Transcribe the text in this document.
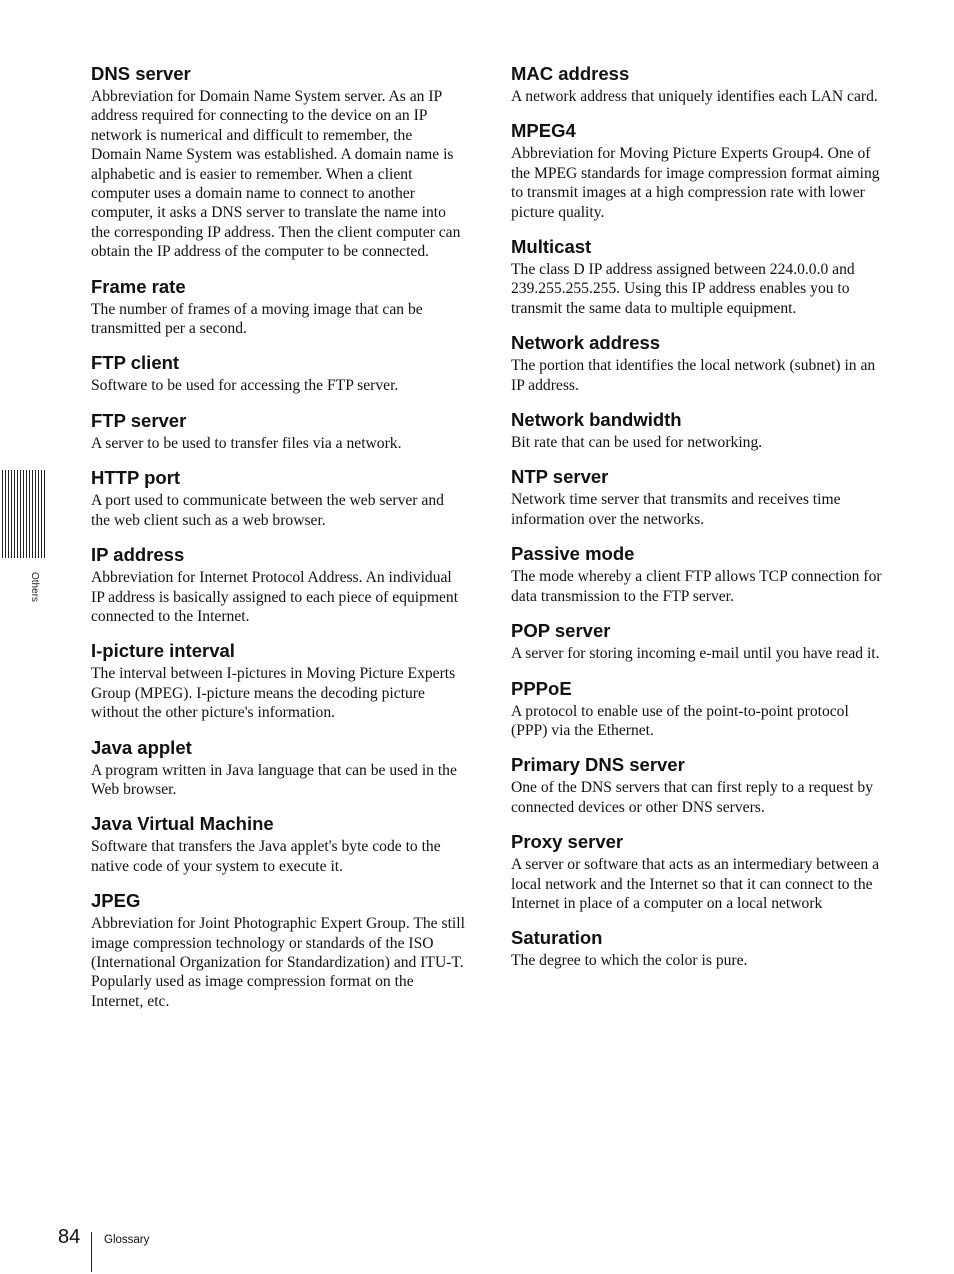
Others
DNS server

Abbreviation for Domain Name System server. As an IP address required for connecting to the device on an IP network is numerical and difficult to remember, the Domain Name System was established. A domain name is alphabetic and is easier to remember. When a client computer uses a domain name to connect to another computer, it asks a DNS server to translate the name into the corresponding IP address. Then the client computer can obtain the IP address of the computer to be connected.

Frame rate

The number of frames of a moving image that can be transmitted per a second.

FTP client

Software to be used for accessing the FTP server.

FTP server

A server to be used to transfer files via a network.

HTTP port

A port used to communicate between the web server and the web client such as a web browser.

IP address

Abbreviation for Internet Protocol Address. An individual IP address is basically assigned to each piece of equipment connected to the Internet.

I-picture interval

The interval between I-pictures in Moving Picture Experts Group (MPEG). I-picture means the decoding picture without the other picture's information.

Java applet

A program written in Java language that can be used in the Web browser.

Java Virtual Machine

Software that transfers the Java applet's byte code to the native code of your system to execute it.

JPEG

Abbreviation for Joint Photographic Expert Group. The still image compression technology or standards of the ISO (International Organization for Standardization) and ITU-T. Popularly used as image compression format on the Internet, etc.

MAC address

A network address that uniquely identifies each LAN card.

MPEG4

Abbreviation for Moving Picture Experts Group4. One of the MPEG standards for image compression format aiming to transmit images at a high compression rate with lower picture quality.

Multicast

The class D IP address assigned between 224.0.0.0 and 239.255.255.255. Using this IP address enables you to transmit the same data to multiple equipment.

Network address

The portion that identifies the local network (subnet) in an IP address.

Network bandwidth

Bit rate that can be used for networking.

NTP server

Network time server that transmits and receives time information over the networks.

Passive mode

The mode whereby a client FTP allows TCP connection for data transmission to the FTP server.

POP server

A server for storing incoming e-mail until you have read it.

PPPoE

A protocol to enable use of the point-to-point protocol (PPP) via the Ethernet.

Primary DNS server

One of the DNS servers that can first reply to a request by connected devices or other DNS servers.

Proxy server

A server or software that acts as an intermediary between a local network and the Internet so that it can connect to the Internet in place of a computer on a local network

Saturation

The degree to which the color is pure.

84 Glossary
